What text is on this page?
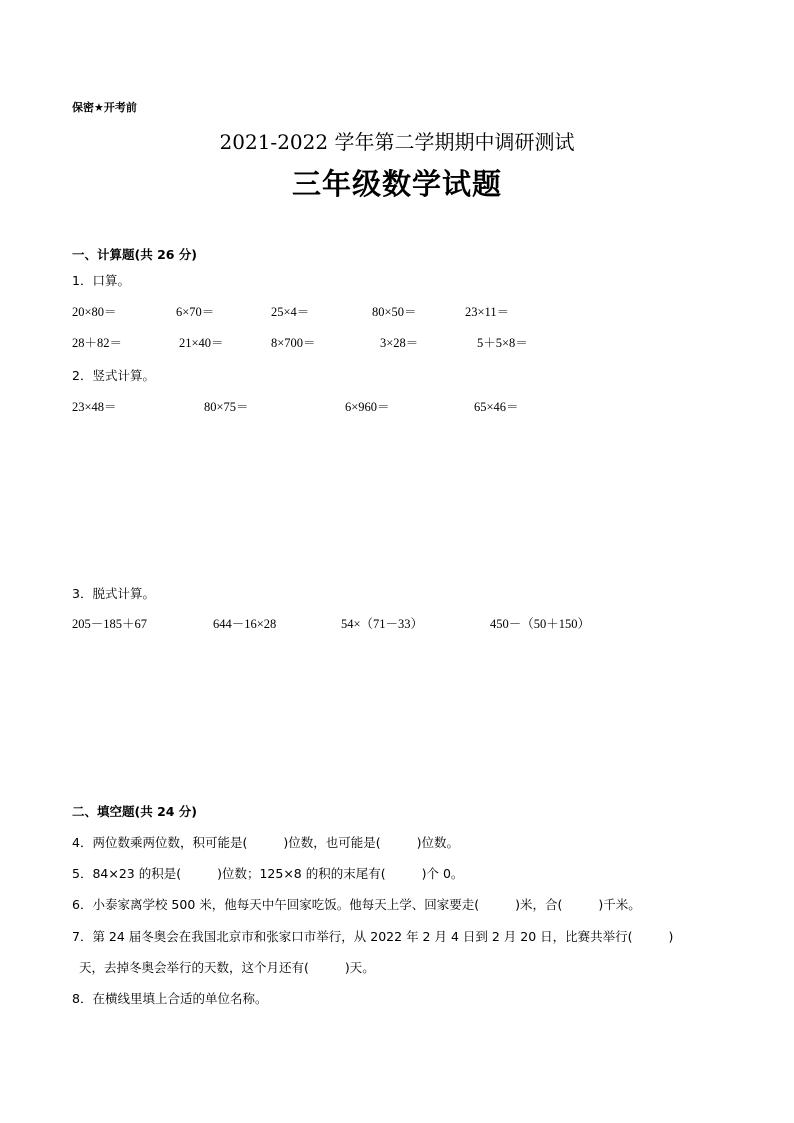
保密★开考前
2021-2022 学年第二学期期中调研测试
三年级数学试题
一、计算题(共 26 分)
1．口算。
20×80＝	6×70＝	25×4＝	80×50＝	23×11＝
28＋82＝	21×40＝	8×700＝	3×28＝	5＋5×8＝
2．竖式计算。
23×48＝	80×75＝	6×960＝	65×46＝
3．脱式计算。
205－185＋67	644－16×28	54×（71－33）	450－（50＋150）
二、填空题(共 24 分)
4．两位数乘两位数，积可能是(	)位数，也可能是(	)位数。
5．84×23 的积是(	)位数；125×8 的积的末尾有(	)个 0。
6．小泰家离学校 500 米，他每天中午回家吃饭。他每天上学、回家要走(	)米，合(	)千米。
7．第 24 届冬奥会在我国北京市和张家口市举行，从 2022 年 2 月 4 日到 2 月 20 日，比赛共举行(	)
天，去掉冬奥会举行的天数，这个月还有(	)天。
8．在横线里填上合适的单位名称。
